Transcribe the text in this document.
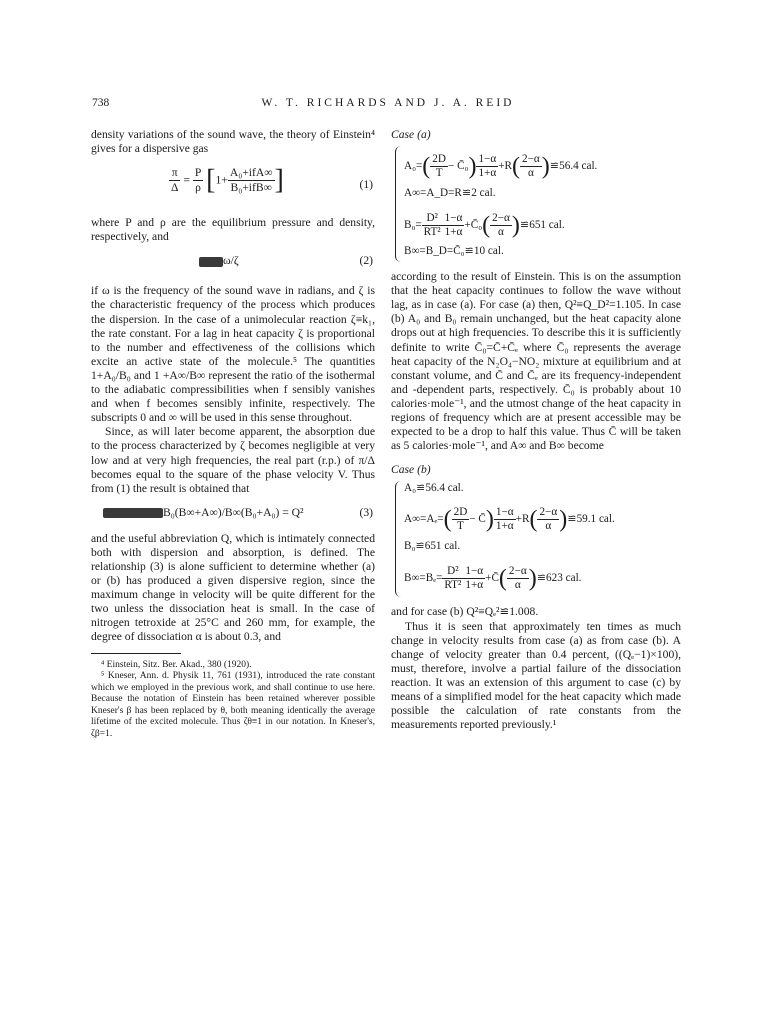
738	W. T. RICHARDS AND J. A. REID

density variations of the sound wave, the theory of Einstein⁴ gives for a dispersive gas

$\frac{\pi}{\Delta} = \frac{P}{\rho} [1+ \frac{\text{A₀+ifA∞}}{\text{B₀+ifB∞}}$ ]	(1)

where P and ρ are the equilibrium pressure and density, respectively, and

ω/ζ	(2)

if ω is the frequency of the sound wave in radians, and ζ is the characteristic frequency of the process which produces the dispersion. In the case of a unimolecular reaction ζ≡k₁, the rate constant. For a lag in heat capacity ζ is proportional to the number and effectiveness of the collisions which excite an active state of the molecule.⁵ The quantities 1+A₀/B₀ and 1 +A∞/B∞ represent the ratio of the isothermal to the adiabatic compressibilities when f sensibly vanishes and when f becomes sensibly infinite, respectively. The subscripts 0 and ∞ will be used in this sense throughout.

Since, as will later become apparent, the absorption due to the process characterized by ζ becomes negligible at very low and at very high frequencies, the real part (r.p.) of π/Δ becomes equal to the square of the phase velocity V. Thus from (1) the result is obtained that

B₀(B∞+A∞)/B∞(B₀+A₀) = Q²	(3)

and the useful abbreviation Q, which is intimately connected both with dispersion and absorption, is defined. The relationship (3) is alone sufficient to determine whether (a) or (b) has produced a given dispersive region, since the maximum change in velocity will be quite different for the two unless the dissociation heat is small. In the case of nitrogen tetroxide at 25°C and 260 mm, for example, the degree of dissociation α is about 0.3, and

⁴ Einstein, Sitz. Ber. Akad., 380 (1920).

⁵ Kneser, Ann. d. Physik 11, 761 (1931), introduced the rate constant which we employed in the previous work, and shall continue to use here. Because the notation of Einstein has been retained wherever possible Kneser's β has been replaced by θ, both meaning identically the average lifetime of the excited molecule. Thus ζθ≡1 in our notation. In Kneser's, ζβ=1.

Case (a)

$A_0=( \frac{2D}{T}$ − C̄₀) $\frac{1-\alpha}{1+\alpha} +R( \frac{2-\alpha}{\alpha}$ )≌56.4 cal.
A∞=A_D=R≌2 cal.
$B_0= \frac{\text{D²}}{\text{RT²}} \frac{1-\alpha}{1+\alpha}$ +C̄₀( $\frac{2-\alpha}{\alpha}$ )≌651 cal.
B∞=B_D=C̄₀≌10 cal.

according to the result of Einstein. This is on the assumption that the heat capacity continues to follow the wave without lag, as in case (a). For case (a) then, Q²≡Q_D²=1.105. In case (b) A₀ and B₀ remain unchanged, but the heat capacity alone drops out at high frequencies. To describe this it is sufficiently definite to write C̄₀=C̄+C̄ₑ where C̄₀ represents the average heat capacity of the N₂O₄−NO₂ mixture at equilibrium and at constant volume, and C̄ and C̄ₑ are its frequency-independent and -dependent parts, respectively. C̄₀ is probably about 10 calories·mole⁻¹, and the utmost change of the heat capacity in regions of frequency which are at present accessible may be expected to be a drop to half this value. Thus C̄ will be taken as 5 calories·mole⁻¹, and A∞ and B∞ become

Case (b)

A₀≌56.4 cal.
$A\infty=A_e=( \frac{2D}{T}$ − C̄) $\frac{1-\alpha}{1+\alpha} +R( \frac{2-\alpha}{\alpha}$ )≌59.1 cal.
B₀≌651 cal.
$B\infty=B_e= \frac{\text{D²}}{\text{RT²}} \frac{1-\alpha}{1+\alpha}$ +C̄( $\frac{2-\alpha}{\alpha}$ )≌623 cal.

and for case (b) Q²≡Qₑ²≌1.008.

Thus it is seen that approximately ten times as much change in velocity results from case (a) as from case (b). A change of velocity greater than 0.4 percent, ((Qₑ−1)×100), must, therefore, involve a partial failure of the dissociation reaction. It was an extension of this argument to case (c) by means of a simplified model for the heat capacity which made possible the calculation of rate constants from the measurements reported previously.¹
